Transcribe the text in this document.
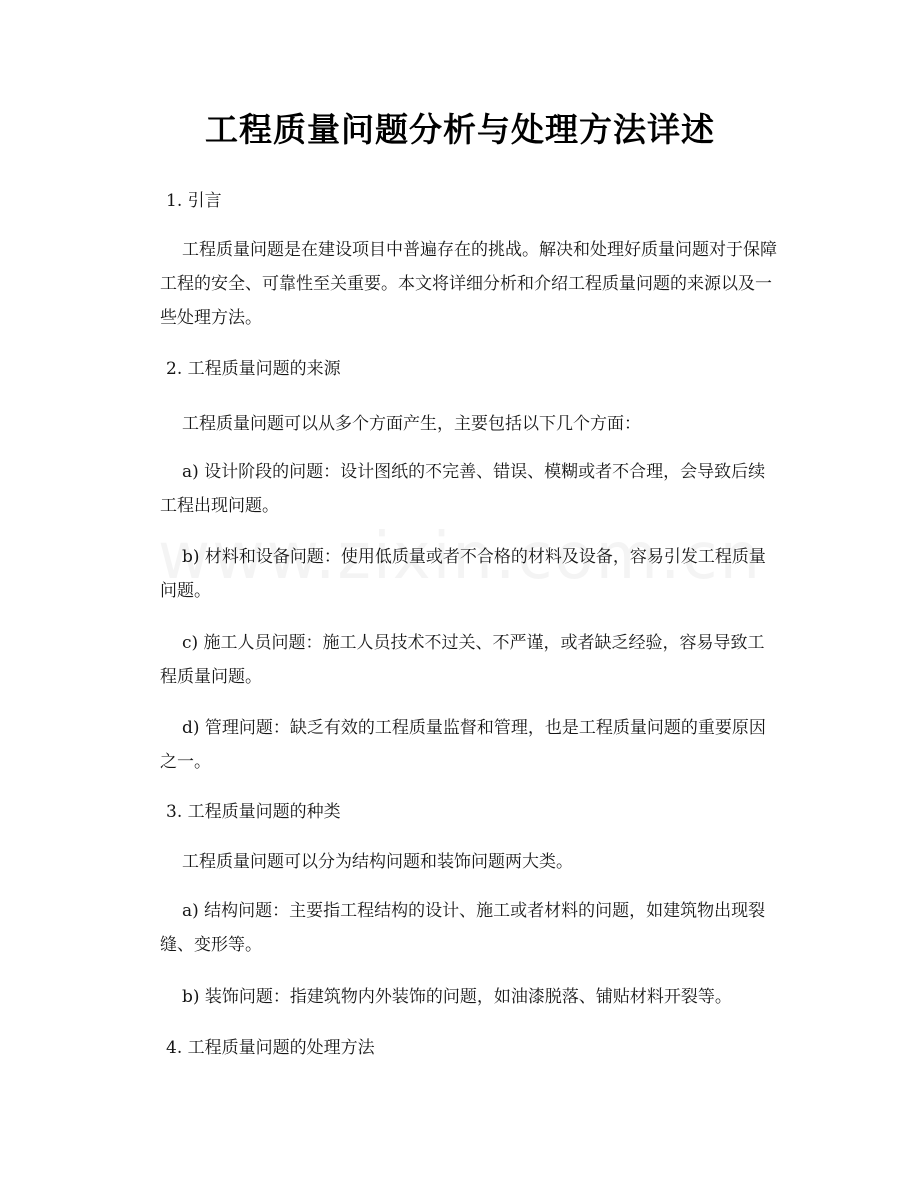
工程质量问题分析与处理方法详述
1. 引言
工程质量问题是在建设项目中普遍存在的挑战。解决和处理好质量问题对于保障工程的安全、可靠性至关重要。本文将详细分析和介绍工程质量问题的来源以及一些处理方法。
2. 工程质量问题的来源
工程质量问题可以从多个方面产生，主要包括以下几个方面：
a) 设计阶段的问题：设计图纸的不完善、错误、模糊或者不合理，会导致后续工程出现问题。
b) 材料和设备问题：使用低质量或者不合格的材料及设备，容易引发工程质量问题。
c) 施工人员问题：施工人员技术不过关、不严谨，或者缺乏经验，容易导致工程质量问题。
d) 管理问题：缺乏有效的工程质量监督和管理，也是工程质量问题的重要原因之一。
3. 工程质量问题的种类
工程质量问题可以分为结构问题和装饰问题两大类。
a) 结构问题：主要指工程结构的设计、施工或者材料的问题，如建筑物出现裂缝、变形等。
b) 装饰问题：指建筑物内外装饰的问题，如油漆脱落、铺贴材料开裂等。
4. 工程质量问题的处理方法
